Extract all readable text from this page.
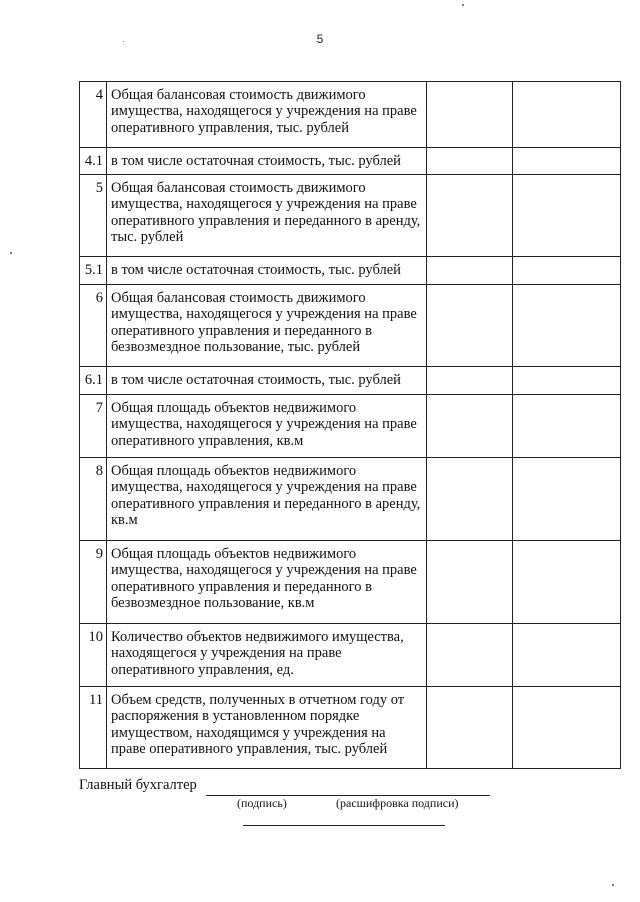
5
4	Общая балансовая стоимость движимого имущества, находящегося у учреждения на праве оперативного управления, тыс. рублей		
4.1	в том числе остаточная стоимость, тыс. рублей		
5	Общая балансовая стоимость движимого имущества, находящегося у учреждения на праве оперативного управления и переданного в аренду, тыс. рублей		
5.1	в том числе остаточная стоимость, тыс. рублей		
6	Общая балансовая стоимость движимого имущества, находящегося у учреждения на праве оперативного управления и переданного в безвозмездное пользование, тыс. рублей		
6.1	в том числе остаточная стоимость, тыс. рублей		
7	Общая площадь объектов недвижимого имущества, находящегося у учреждения на праве оперативного управления, кв.м		
8	Общая площадь объектов недвижимого имущества, находящегося у учреждения на праве оперативного управления и переданного в аренду, кв.м		
9	Общая площадь объектов недвижимого имущества, находящегося у учреждения на праве оперативного управления и переданного в безвозмездное пользование, кв.м		
10	Количество объектов недвижимого имущества, находящегося у учреждения на праве оперативного управления, ед.		
11	Объем средств, полученных в отчетном году от распоряжения в установленном порядке имуществом, находящимся у учреждения на праве оперативного управления, тыс. рублей		
Главный бухгалтер
(подпись)	(расшифровка подписи)
